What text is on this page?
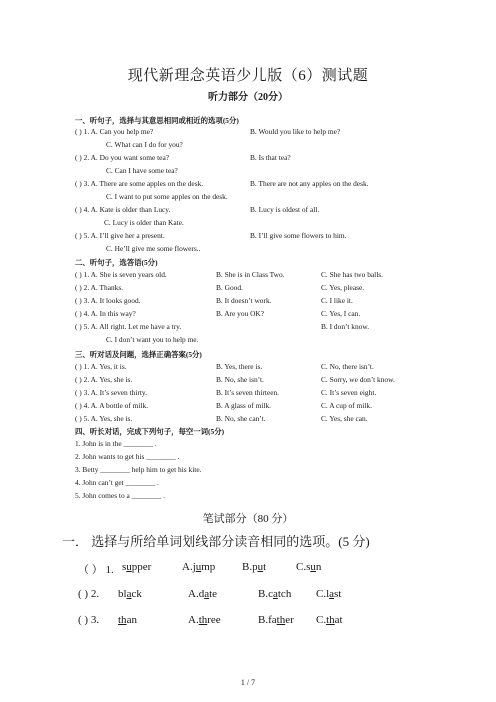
现代新理念英语少儿版（6）测试题
听力部分（20分）
一、听句子，选择与其意思相同或相近的选项(5分)
( ) 1. A. Can you help me?	B. Would you like to help me?
C. What can I do for you?
( ) 2. A. Do you want some tea?	B. Is that tea?
C. Can I have some tea?
( ) 3. A. There are some apples on the desk.	B. There are not any apples on the desk.
C. I want to put some apples on the desk.
( ) 4. A. Kate is older than Lucy.	B. Lucy is oldest of all.
C. Lucy is older than Kate.
( ) 5. A. I’ll give her a present.	B. I’ll give some flowers to him.
C. He’ll give me some flowers..
二、听句子，选答语(5分)
( ) 1. A. She is seven years old.	B. She is in Class Two.	C. She has two balls.
( ) 2. A. Thanks.	B. Good.	C. Yes, please.
( ) 3. A. It looks good.	B. It doesn’t work.	C. I like it.
( ) 4. A. In this way?	B. Are you OK?	C. Yes, I can.
( ) 5. A. All right. Let me have a try.	B. I don’t know.
C. I don’t want you to help me.
三、听对话及问题，选择正确答案(5分)
( ) 1. A. Yes, it is.	B. Yes, there is.	C. No, there isn’t.
( ) 2. A. Yes, she is.	B. No, she isn’t.	C. Sorry, we don’t know.
( ) 3. A. It’s seven thirty.	B. It’s seven thirteen.	C. It’s seven eight.
( ) 4. A. A bottle of milk.	B. A glass of milk.	C. A cup of milk.
( ) 5. A. Yes, she is.	B. No, she can’t.	C. Yes, she can.
四、听长对话，完成下列句子，每空一词(5分)
1. John is in the ________ .
2. John wants to get his ________ .
3. Betty ________ help him to get his kite.
4. John can’t get ________ .
5. John comes to a ________ .
笔试部分（80 分）
一． 选择与所给单词划线部分读音相同的选项。(5 分)
（ ） 1. supper	A.jump B.put	C.sun
( ) 2. black	A.date	B.catch C.last
( ) 3. than	A.three	B.father C.that
1 / 7
